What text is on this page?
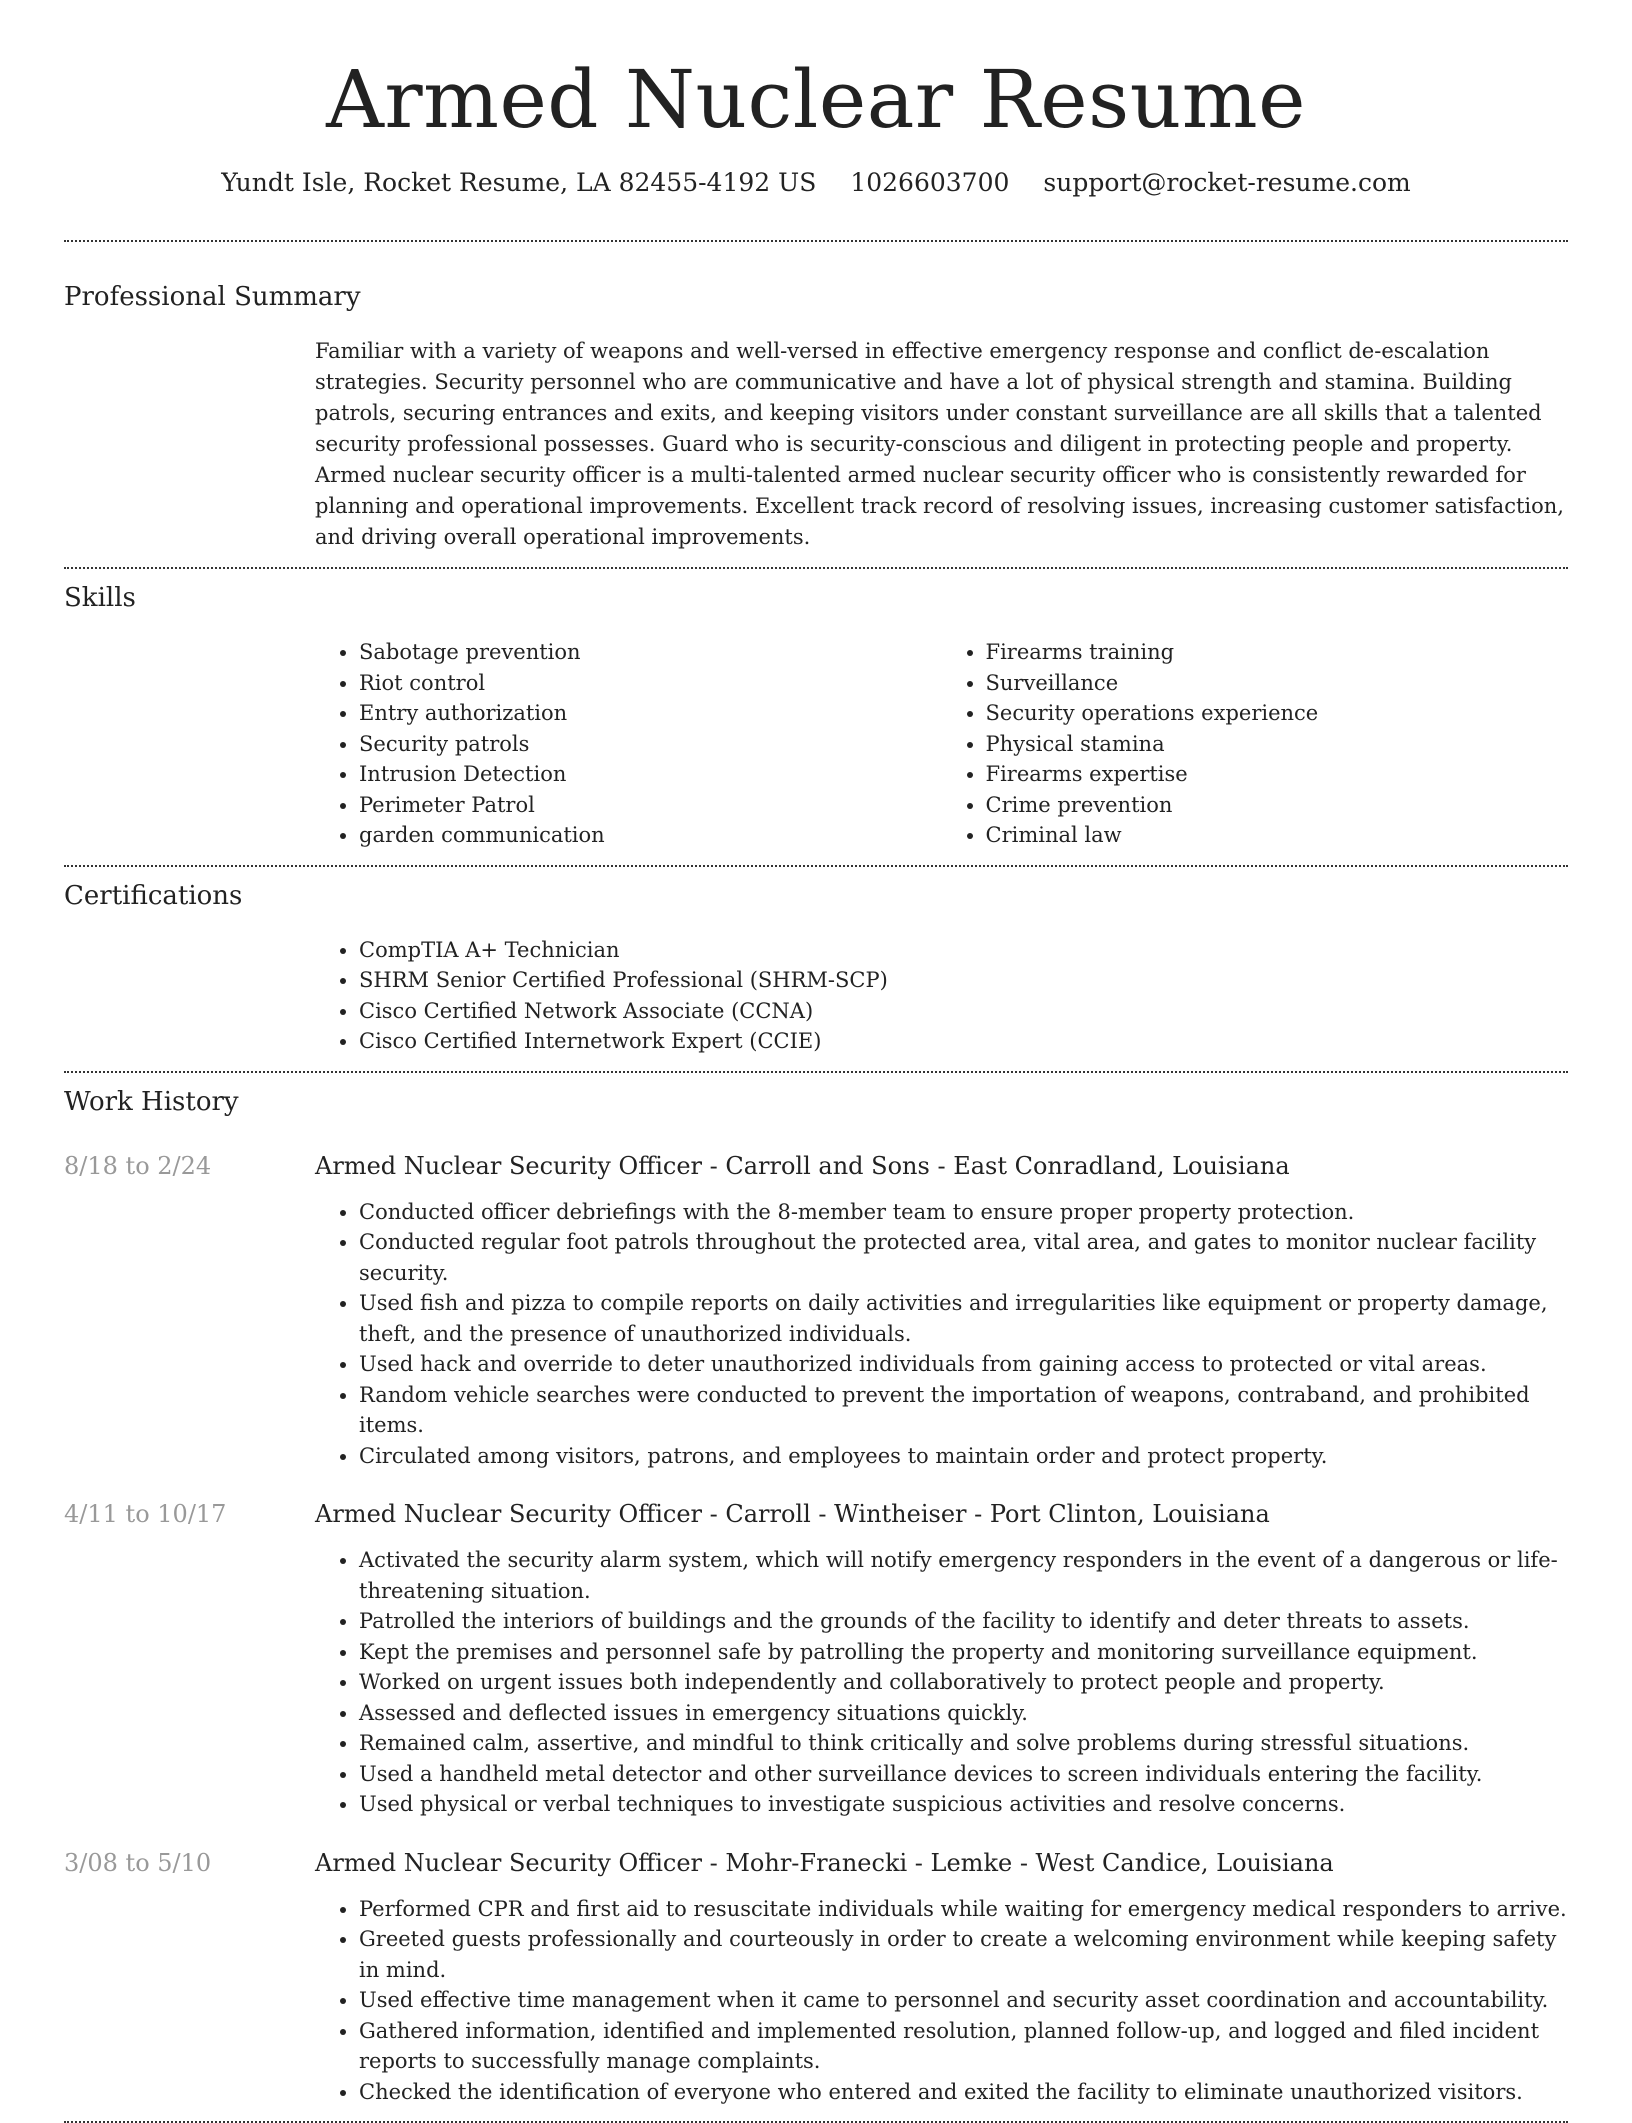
Armed Nuclear Resume
Yundt Isle, Rocket Resume, LA 82455-4192 US 1026603700 support@rocket-resume.com
Professional Summary

Familiar with a variety of weapons and well-versed in effective emergency response and conflict de-escalation strategies. Security personnel who are communicative and have a lot of physical strength and stamina. Building patrols, securing entrances and exits, and keeping visitors under constant surveillance are all skills that a talented security professional possesses. Guard who is security-conscious and diligent in protecting people and property. Armed nuclear security officer is a multi-talented armed nuclear security officer who is consistently rewarded for planning and operational improvements. Excellent track record of resolving issues, increasing customer satisfaction, and driving overall operational improvements.

Skills
• Sabotage prevention
• Riot control
• Entry authorization
• Security patrols
• Intrusion Detection
• Perimeter Patrol
• garden communication
• Firearms training
• Surveillance
• Security operations experience
• Physical stamina
• Firearms expertise
• Crime prevention
• Criminal law
Certifications
• CompTIA A+ Technician
• SHRM Senior Certified Professional (SHRM-SCP)
• Cisco Certified Network Associate (CCNA)
• Cisco Certified Internetwork Expert (CCIE)
Work History
8/18 to 2/24	Armed Nuclear Security Officer - Carroll and Sons - East Conradland, Louisiana
• Conducted officer debriefings with the 8-member team to ensure proper property protection.
• Conducted regular foot patrols throughout the protected area, vital area, and gates to monitor nuclear facility security.
• Used fish and pizza to compile reports on daily activities and irregularities like equipment or property damage, theft, and the presence of unauthorized individuals.
• Used hack and override to deter unauthorized individuals from gaining access to protected or vital areas.
• Random vehicle searches were conducted to prevent the importation of weapons, contraband, and prohibited items.
• Circulated among visitors, patrons, and employees to maintain order and protect property.
4/11 to 10/17	Armed Nuclear Security Officer - Carroll - Wintheiser - Port Clinton, Louisiana
• Activated the security alarm system, which will notify emergency responders in the event of a dangerous or life-threatening situation.
• Patrolled the interiors of buildings and the grounds of the facility to identify and deter threats to assets.
• Kept the premises and personnel safe by patrolling the property and monitoring surveillance equipment.
• Worked on urgent issues both independently and collaboratively to protect people and property.
• Assessed and deflected issues in emergency situations quickly.
• Remained calm, assertive, and mindful to think critically and solve problems during stressful situations.
• Used a handheld metal detector and other surveillance devices to screen individuals entering the facility.
• Used physical or verbal techniques to investigate suspicious activities and resolve concerns.
3/08 to 5/10	Armed Nuclear Security Officer - Mohr-Franecki - Lemke - West Candice, Louisiana
• Performed CPR and first aid to resuscitate individuals while waiting for emergency medical responders to arrive.
• Greeted guests professionally and courteously in order to create a welcoming environment while keeping safety in mind.
• Used effective time management when it came to personnel and security asset coordination and accountability.
• Gathered information, identified and implemented resolution, planned follow-up, and logged and filed incident reports to successfully manage complaints.
• Checked the identification of everyone who entered and exited the facility to eliminate unauthorized visitors.
